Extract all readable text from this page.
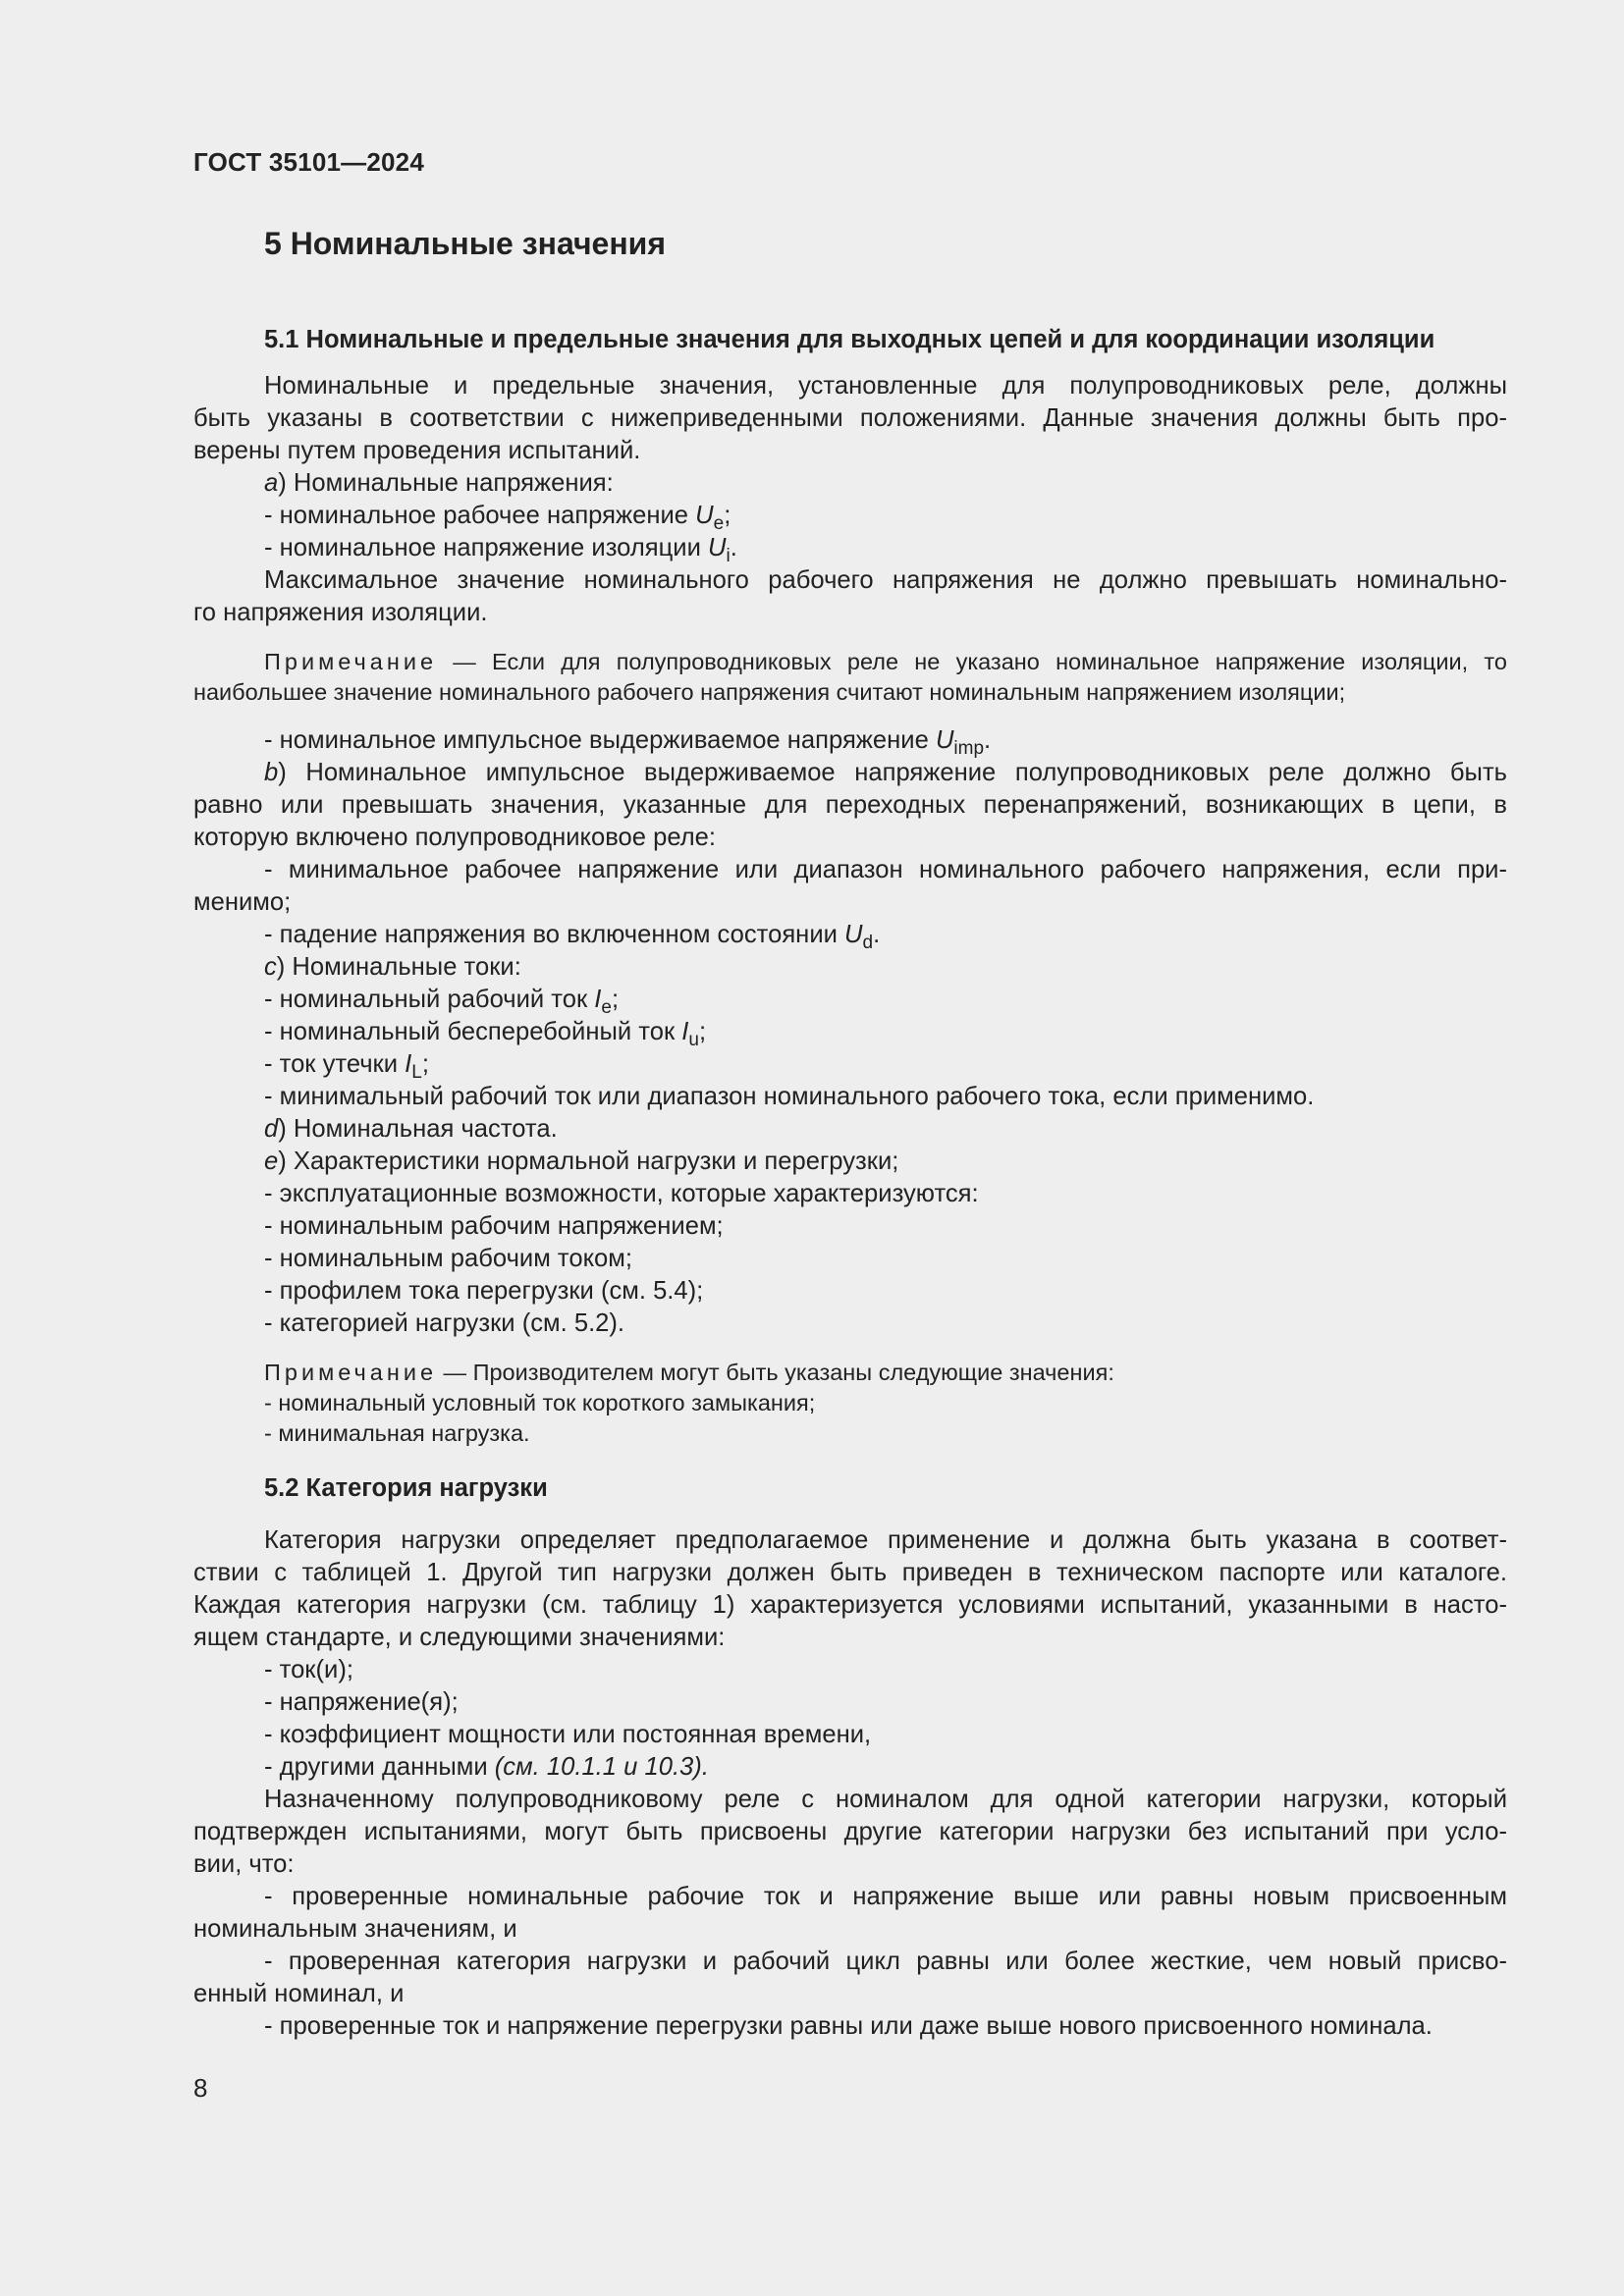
ГОСТ 35101—2024
5 Номинальные значения
5.1 Номинальные и предельные значения для выходных цепей и для координации изоляции

Номинальные и предельные значения, установленные для полупроводниковых реле, должны

быть указаны в соответствии с нижеприведенными положениями. Данные значения должны быть про-

верены путем проведения испытаний.

a) Номинальные напряжения:

- номинальное рабочее напряжение $U_e$;

- номинальное напряжение изоляции $U_i$.

Максимальное значение номинального рабочего напряжения не должно превышать номинально-

го напряжения изоляции.

Примечание — Если для полупроводниковых реле не указано номинальное напряжение изоляции, то

наибольшее значение номинального рабочего напряжения считают номинальным напряжением изоляции;

- номинальное импульсное выдерживаемое напряжение $U_{imp}$.

b) Номинальное импульсное выдерживаемое напряжение полупроводниковых реле должно быть

равно или превышать значения, указанные для переходных перенапряжений, возникающих в цепи, в

которую включено полупроводниковое реле:

- минимальное рабочее напряжение или диапазон номинального рабочего напряжения, если при-

менимо;

- падение напряжения во включенном состоянии $U_d$.

c) Номинальные токи:

- номинальный рабочий ток $I_e$;

- номинальный бесперебойный ток $I_u$;

- ток утечки $I_L$;

- минимальный рабочий ток или диапазон номинального рабочего тока, если применимо.

d) Номинальная частота.

e) Характеристики нормальной нагрузки и перегрузки;

- эксплуатационные возможности, которые характеризуются:

- номинальным рабочим напряжением;

- номинальным рабочим током;

- профилем тока перегрузки (см. 5.4);

- категорией нагрузки (см. 5.2).

Примечание — Производителем могут быть указаны следующие значения:

- номинальный условный ток короткого замыкания;

- минимальная нагрузка.

5.2 Категория нагрузки

Категория нагрузки определяет предполагаемое применение и должна быть указана в соответ-

ствии с таблицей 1. Другой тип нагрузки должен быть приведен в техническом паспорте или каталоге.

Каждая категория нагрузки (см. таблицу 1) характеризуется условиями испытаний, указанными в насто-

ящем стандарте, и следующими значениями:

- ток(и);

- напряжение(я);

- коэффициент мощности или постоянная времени,

- другими данными (см. 10.1.1 и 10.3).

Назначенному полупроводниковому реле с номиналом для одной категории нагрузки, который

подтвержден испытаниями, могут быть присвоены другие категории нагрузки без испытаний при усло-

вии, что:

- проверенные номинальные рабочие ток и напряжение выше или равны новым присвоенным

номинальным значениям, и

- проверенная категория нагрузки и рабочий цикл равны или более жесткие, чем новый присво-

енный номинал, и

- проверенные ток и напряжение перегрузки равны или даже выше нового присвоенного номинала.

8
